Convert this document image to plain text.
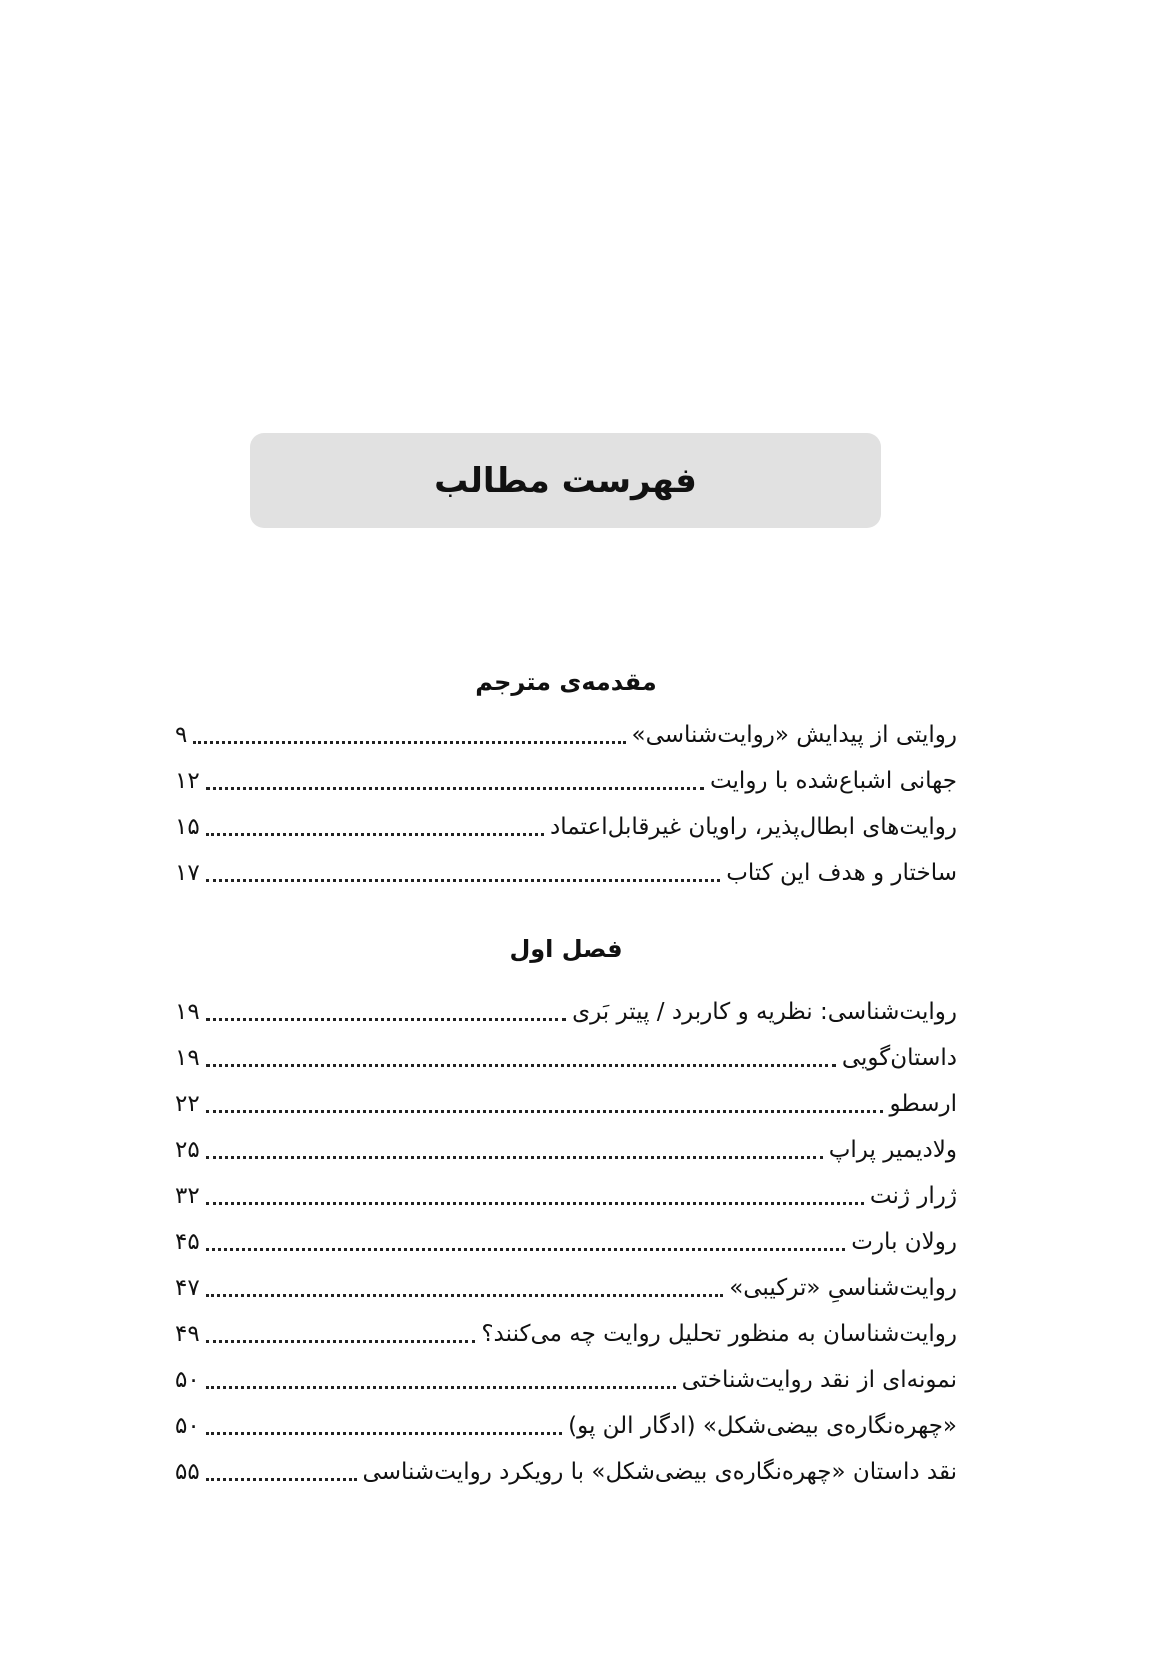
فهرست مطالب
مقدمه‌ی مترجم
روایتی از پیدایش «روایت‌شناسی»
۹
جهانی اشباع‌شده با روایت
۱۲
روایت‌های ابطال‌پذیر، راویان غیرقابل‌اعتماد
۱۵
ساختار و هدف این کتاب
۱۷
فصل اول
روایت‌شناسی: نظریه و کاربرد / پیتر بَری
۱۹
داستان‌گویی
۱۹
ارسطو
۲۲
ولادیمیر پراپ
۲۵
ژرار ژنت
۳۲
رولان بارت
۴۵
روایت‌شناسیِ «ترکیبی»
۴۷
روایت‌شناسان به منظور تحلیل روایت چه می‌کنند؟
۴۹
نمونه‌ای از نقد روایت‌شناختی
۵۰
«چهره‌نگاره‌ی بیضی‌شکل» (ادگار الن پو)
۵۰
نقد داستان «چهره‌نگاره‌ی بیضی‌شکل» با رویکرد روایت‌شناسی
۵۵
